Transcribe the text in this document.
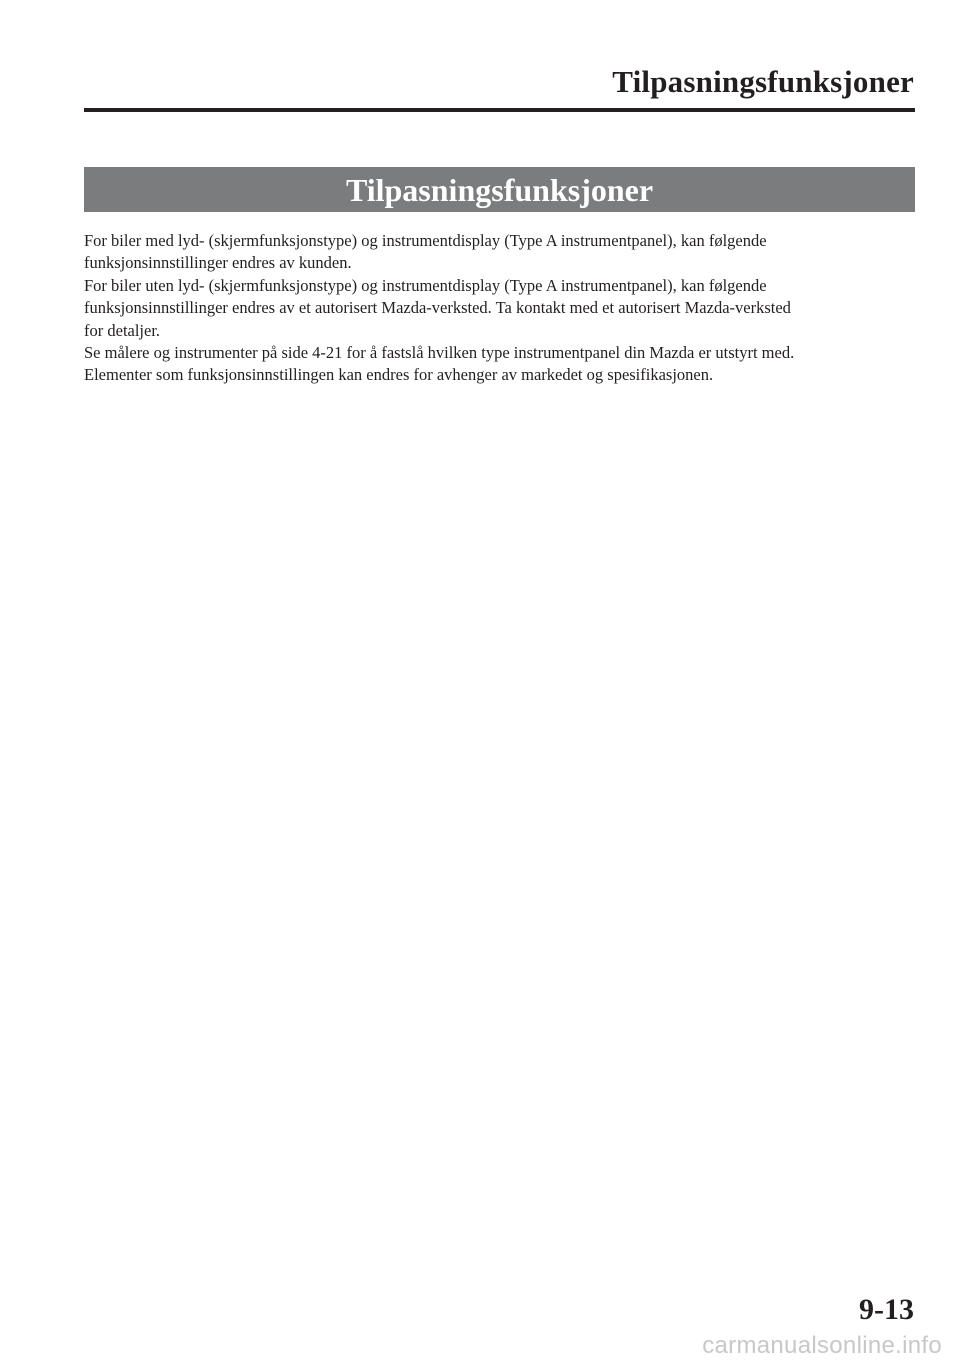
Tilpasningsfunksjoner
Tilpasningsfunksjoner

For biler med lyd- (skjermfunksjonstype) og instrumentdisplay (Type A instrumentpanel), kan følgende

funksjonsinnstillinger endres av kunden.

For biler uten lyd- (skjermfunksjonstype) og instrumentdisplay (Type A instrumentpanel), kan følgende

funksjonsinnstillinger endres av et autorisert Mazda-verksted. Ta kontakt med et autorisert Mazda-verksted

for detaljer.

Se målere og instrumenter på side 4-21 for å fastslå hvilken type instrumentpanel din Mazda er utstyrt med.

Elementer som funksjonsinnstillingen kan endres for avhenger av markedet og spesifikasjonen.

9-13
carmanualsonline.info
